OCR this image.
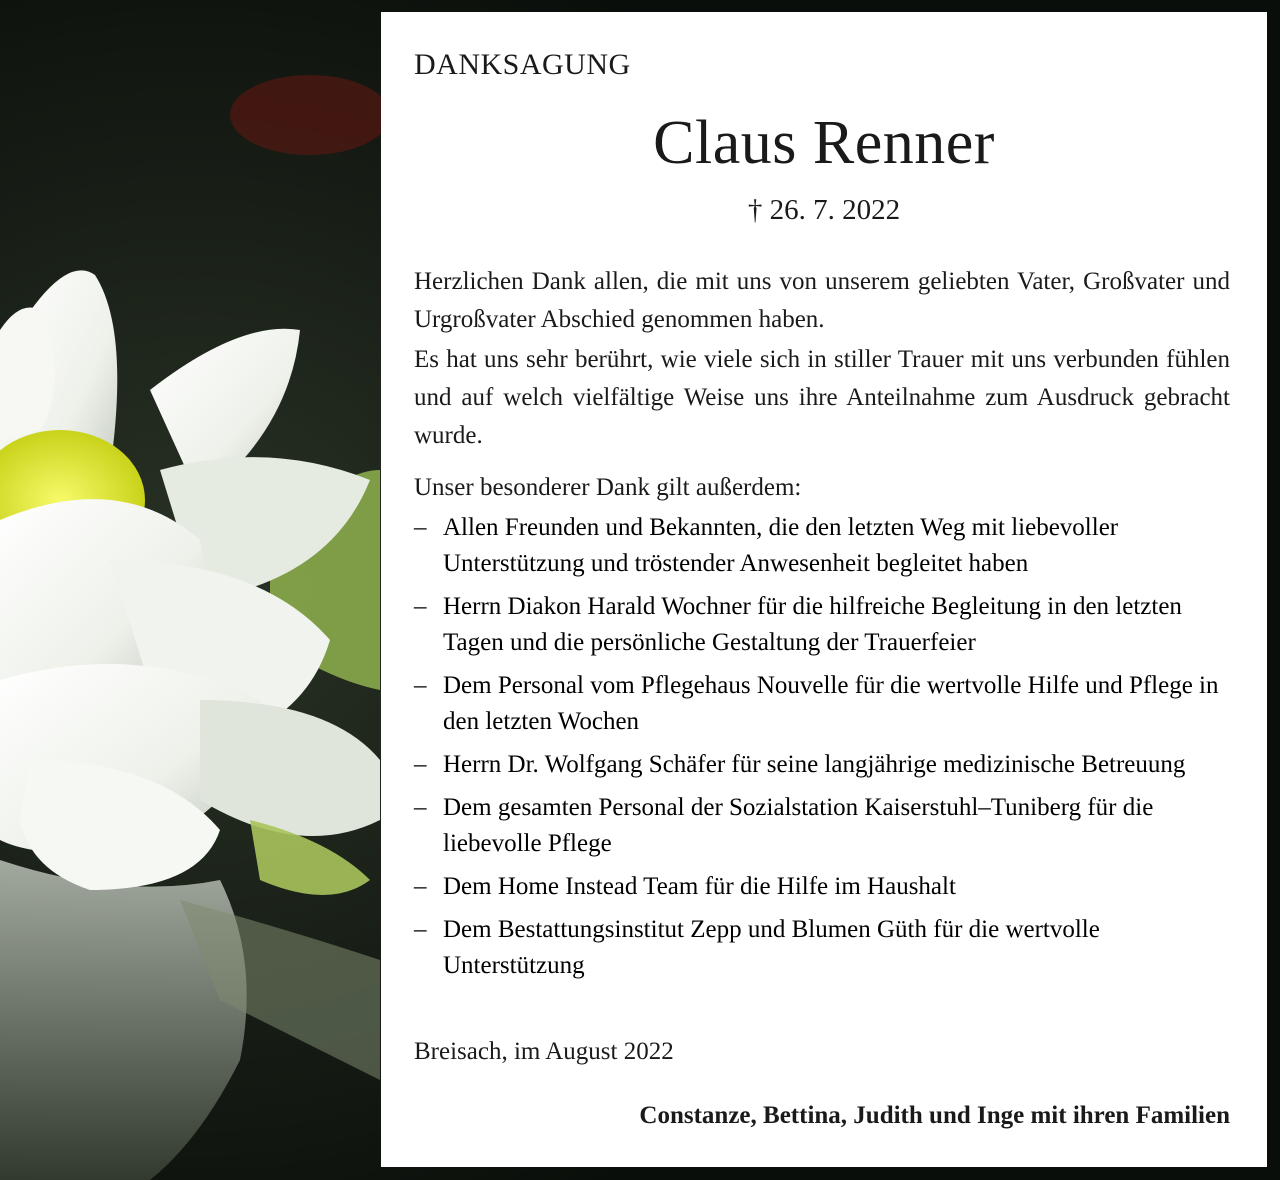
DANKSAGUNG
Claus Renner
† 26. 7. 2022
Herzlichen Dank allen, die mit uns von unserem geliebten Vater, Großvater und Urgroßvater Abschied genommen haben.
Es hat uns sehr berührt, wie viele sich in stiller Trauer mit uns verbunden fühlen und auf welch vielfältige Weise uns ihre Anteilnahme zum Ausdruck gebracht wurde.
Unser besonderer Dank gilt außerdem:
– Allen Freunden und Bekannten, die den letzten Weg mit liebevoller Unterstützung und tröstender Anwesenheit begleitet haben
– Herrn Diakon Harald Wochner für die hilfreiche Begleitung in den letzten Tagen und die persönliche Gestaltung der Trauerfeier
– Dem Personal vom Pflegehaus Nouvelle für die wertvolle Hilfe und Pflege in den letzten Wochen
– Herrn Dr. Wolfgang Schäfer für seine langjährige medizinische Betreuung
– Dem gesamten Personal der Sozialstation Kaiserstuhl–Tuniberg für die liebevolle Pflege
– Dem Home Instead Team für die Hilfe im Haushalt
– Dem Bestattungsinstitut Zepp und Blumen Güth für die wertvolle Unterstützung
Breisach, im August 2022
Constanze, Bettina, Judith und Inge mit ihren Familien
